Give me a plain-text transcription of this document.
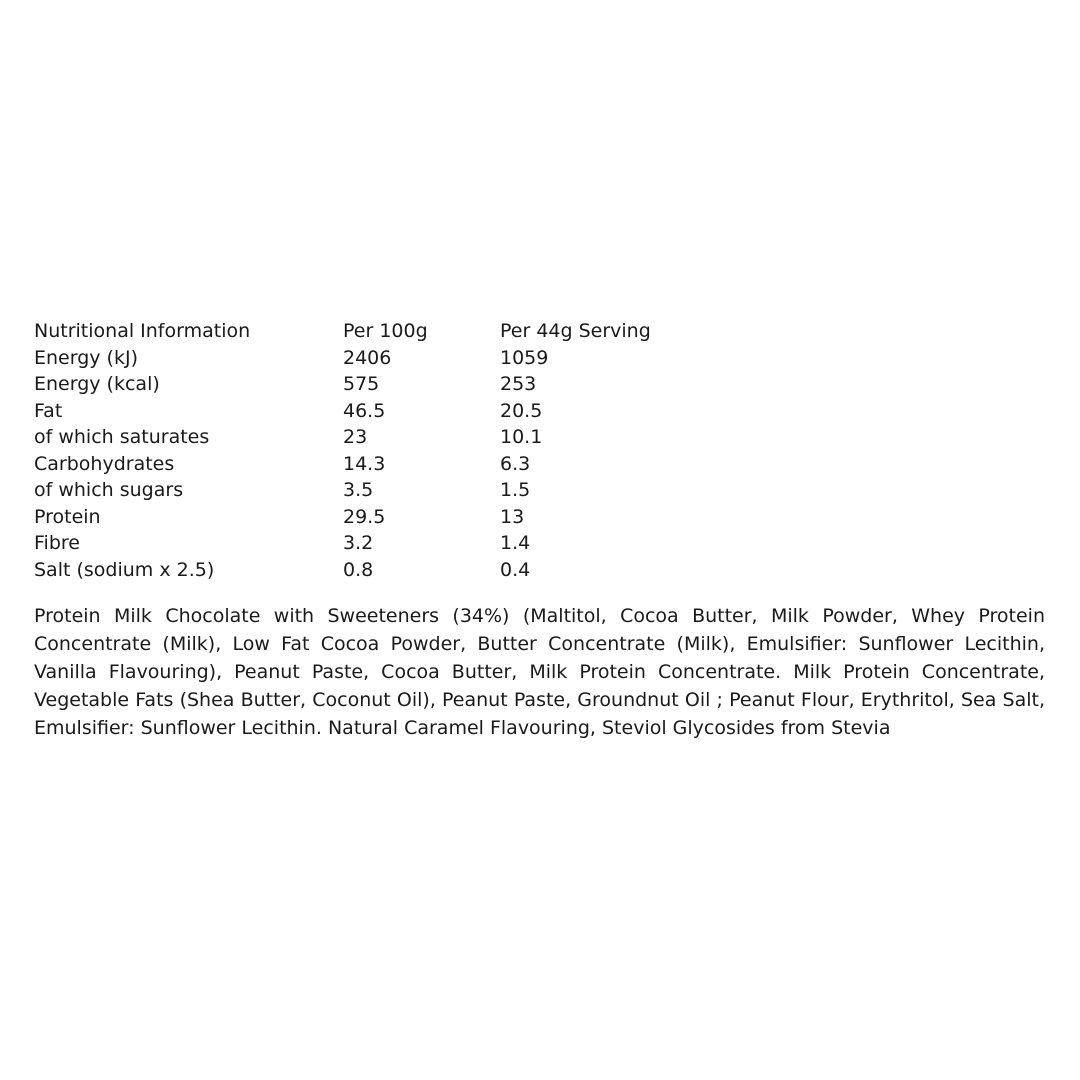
Nutritional Information	Per 100g	Per 44g Serving
Energy (kJ)	2406	1059
Energy (kcal)	575	253
Fat	46.5	20.5
of which saturates	23	10.1
Carbohydrates	14.3	6.3
of which sugars	3.5	1.5
Protein	29.5	13
Fibre	3.2	1.4
Salt (sodium x 2.5)	0.8	0.4

Protein Milk Chocolate with Sweeteners (34%) (Maltitol, Cocoa Butter, Milk Powder, Whey Protein Concentrate (Milk), Low Fat Cocoa Powder, Butter Concentrate (Milk), Emulsifier: Sunflower Lecithin, Vanilla Flavouring), Peanut Paste, Cocoa Butter, Milk Protein Concentrate. Milk Protein Concentrate, Vegetable Fats (Shea Butter, Coconut Oil), Peanut Paste, Groundnut Oil ; Peanut Flour, Erythritol, Sea Salt, Emulsifier: Sunflower Lecithin. Natural Caramel Flavouring, Steviol Glycosides from Stevia
